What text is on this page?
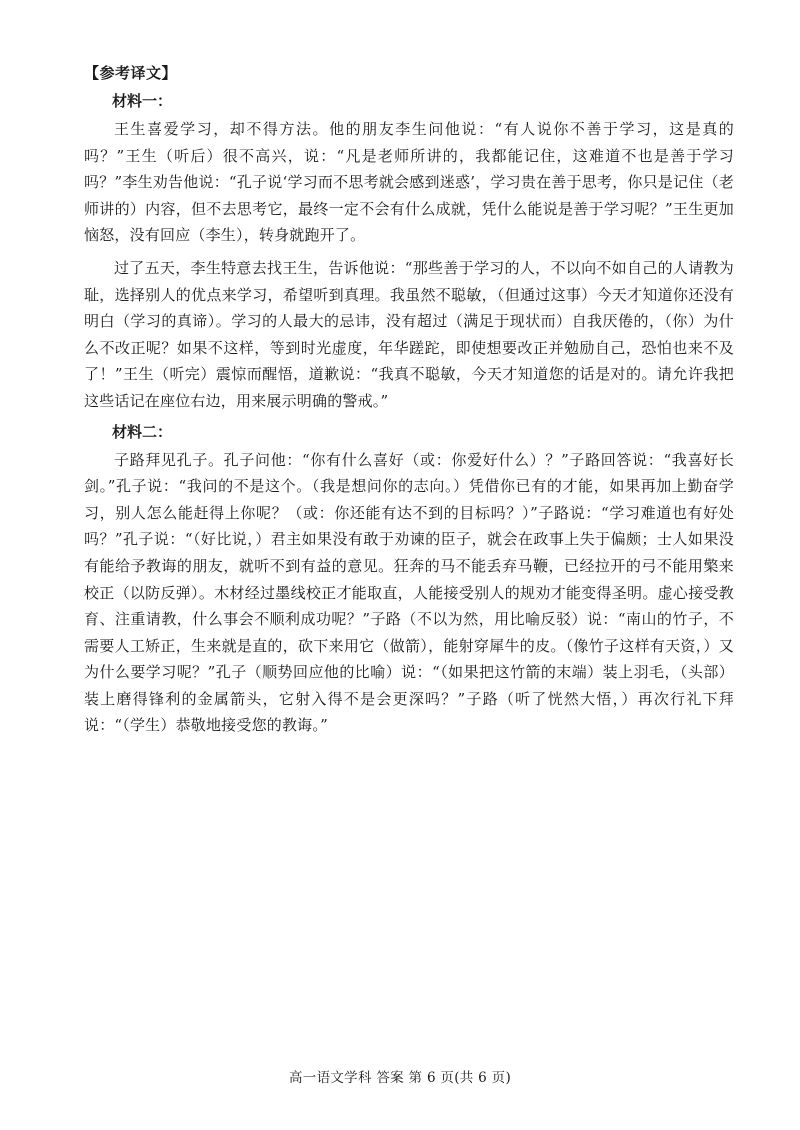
【参考译文】
材料一：

王生喜爱学习，却不得方法。他的朋友李生问他说：“有人说你不善于学习，这是真的吗？”王生（听后）很不高兴，说：“凡是老师所讲的，我都能记住，这难道不也是善于学习吗？”李生劝告他说：“孔子说‘学习而不思考就会感到迷惑’，学习贵在善于思考，你只是记住（老师讲的）内容，但不去思考它，最终一定不会有什么成就，凭什么能说是善于学习呢？”王生更加恼怒，没有回应（李生），转身就跑开了。

过了五天，李生特意去找王生，告诉他说：“那些善于学习的人，不以向不如自己的人请教为耻，选择别人的优点来学习，希望听到真理。我虽然不聪敏，（但通过这事）今天才知道你还没有明白（学习的真谛）。学习的人最大的忌讳，没有超过（满足于现状而）自我厌倦的，（你）为什么不改正呢？如果不这样，等到时光虚度，年华蹉跎，即使想要改正并勉励自己，恐怕也来不及了！”王生（听完）震惊而醒悟，道歉说：“我真不聪敏，今天才知道您的话是对的。请允许我把这些话记在座位右边，用来展示明确的警戒。”

材料二：

子路拜见孔子。孔子问他：“你有什么喜好（或：你爱好什么）？”子路回答说：“我喜好长剑。”孔子说：“我问的不是这个。（我是想问你的志向。）凭借你已有的才能，如果再加上勤奋学习，别人怎么能赶得上你呢？（或：你还能有达不到的目标吗？）”子路说：“学习难道也有好处吗？”孔子说：“（好比说，）君主如果没有敢于劝谏的臣子，就会在政事上失于偏颇；士人如果没有能给予教诲的朋友，就听不到有益的意见。狂奔的马不能丢弃马鞭，已经拉开的弓不能用檠来校正（以防反弹）。木材经过墨线校正才能取直，人能接受别人的规劝才能变得圣明。虚心接受教育、注重请教，什么事会不顺利成功呢？”子路（不以为然，用比喻反驳）说：“南山的竹子，不需要人工矫正，生来就是直的，砍下来用它（做箭），能射穿犀牛的皮。（像竹子这样有天资，）又为什么要学习呢？”孔子（顺势回应他的比喻）说：“（如果把这竹箭的末端）装上羽毛，（头部）装上磨得锋利的金属箭头，它射入得不是会更深吗？”子路（听了恍然大悟，）再次行礼下拜说：“（学生）恭敬地接受您的教诲。”

高一语文学科 答案 第 6 页(共 6 页)
